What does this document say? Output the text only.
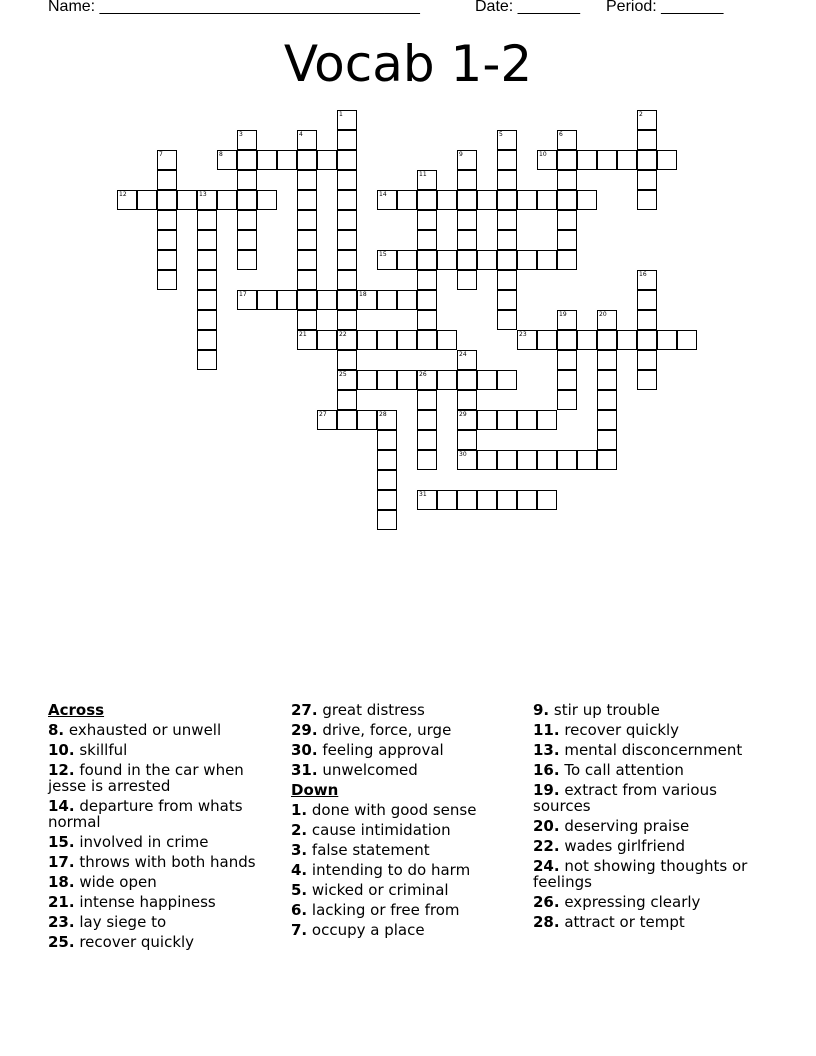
Name: ____________________________________	Date: _______ Period: _______
Vocab 1-2
1	2
3	4	5	6
7	8	9	10
11
12	13	14
15
16
17	18
19	20
21	22	23
24
25	26
27	28	29
30
31
Across
8. exhausted or unwell
10. skillful
12. found in the car when jesse is arrested
14. departure from whats normal
15. involved in crime
17. throws with both hands
18. wide open
21. intense happiness
23. lay siege to
25. recover quickly
27. great distress
29. drive, force, urge
30. feeling approval
31. unwelcomed
Down
1. done with good sense
2. cause intimidation
3. false statement
4. intending to do harm
5. wicked or criminal
6. lacking or free from
7. occupy a place
9. stir up trouble
11. recover quickly
13. mental disconcernment
16. To call attention
19. extract from various sources
20. deserving praise
22. wades girlfriend
24. not showing thoughts or feelings
26. expressing clearly
28. attract or tempt
